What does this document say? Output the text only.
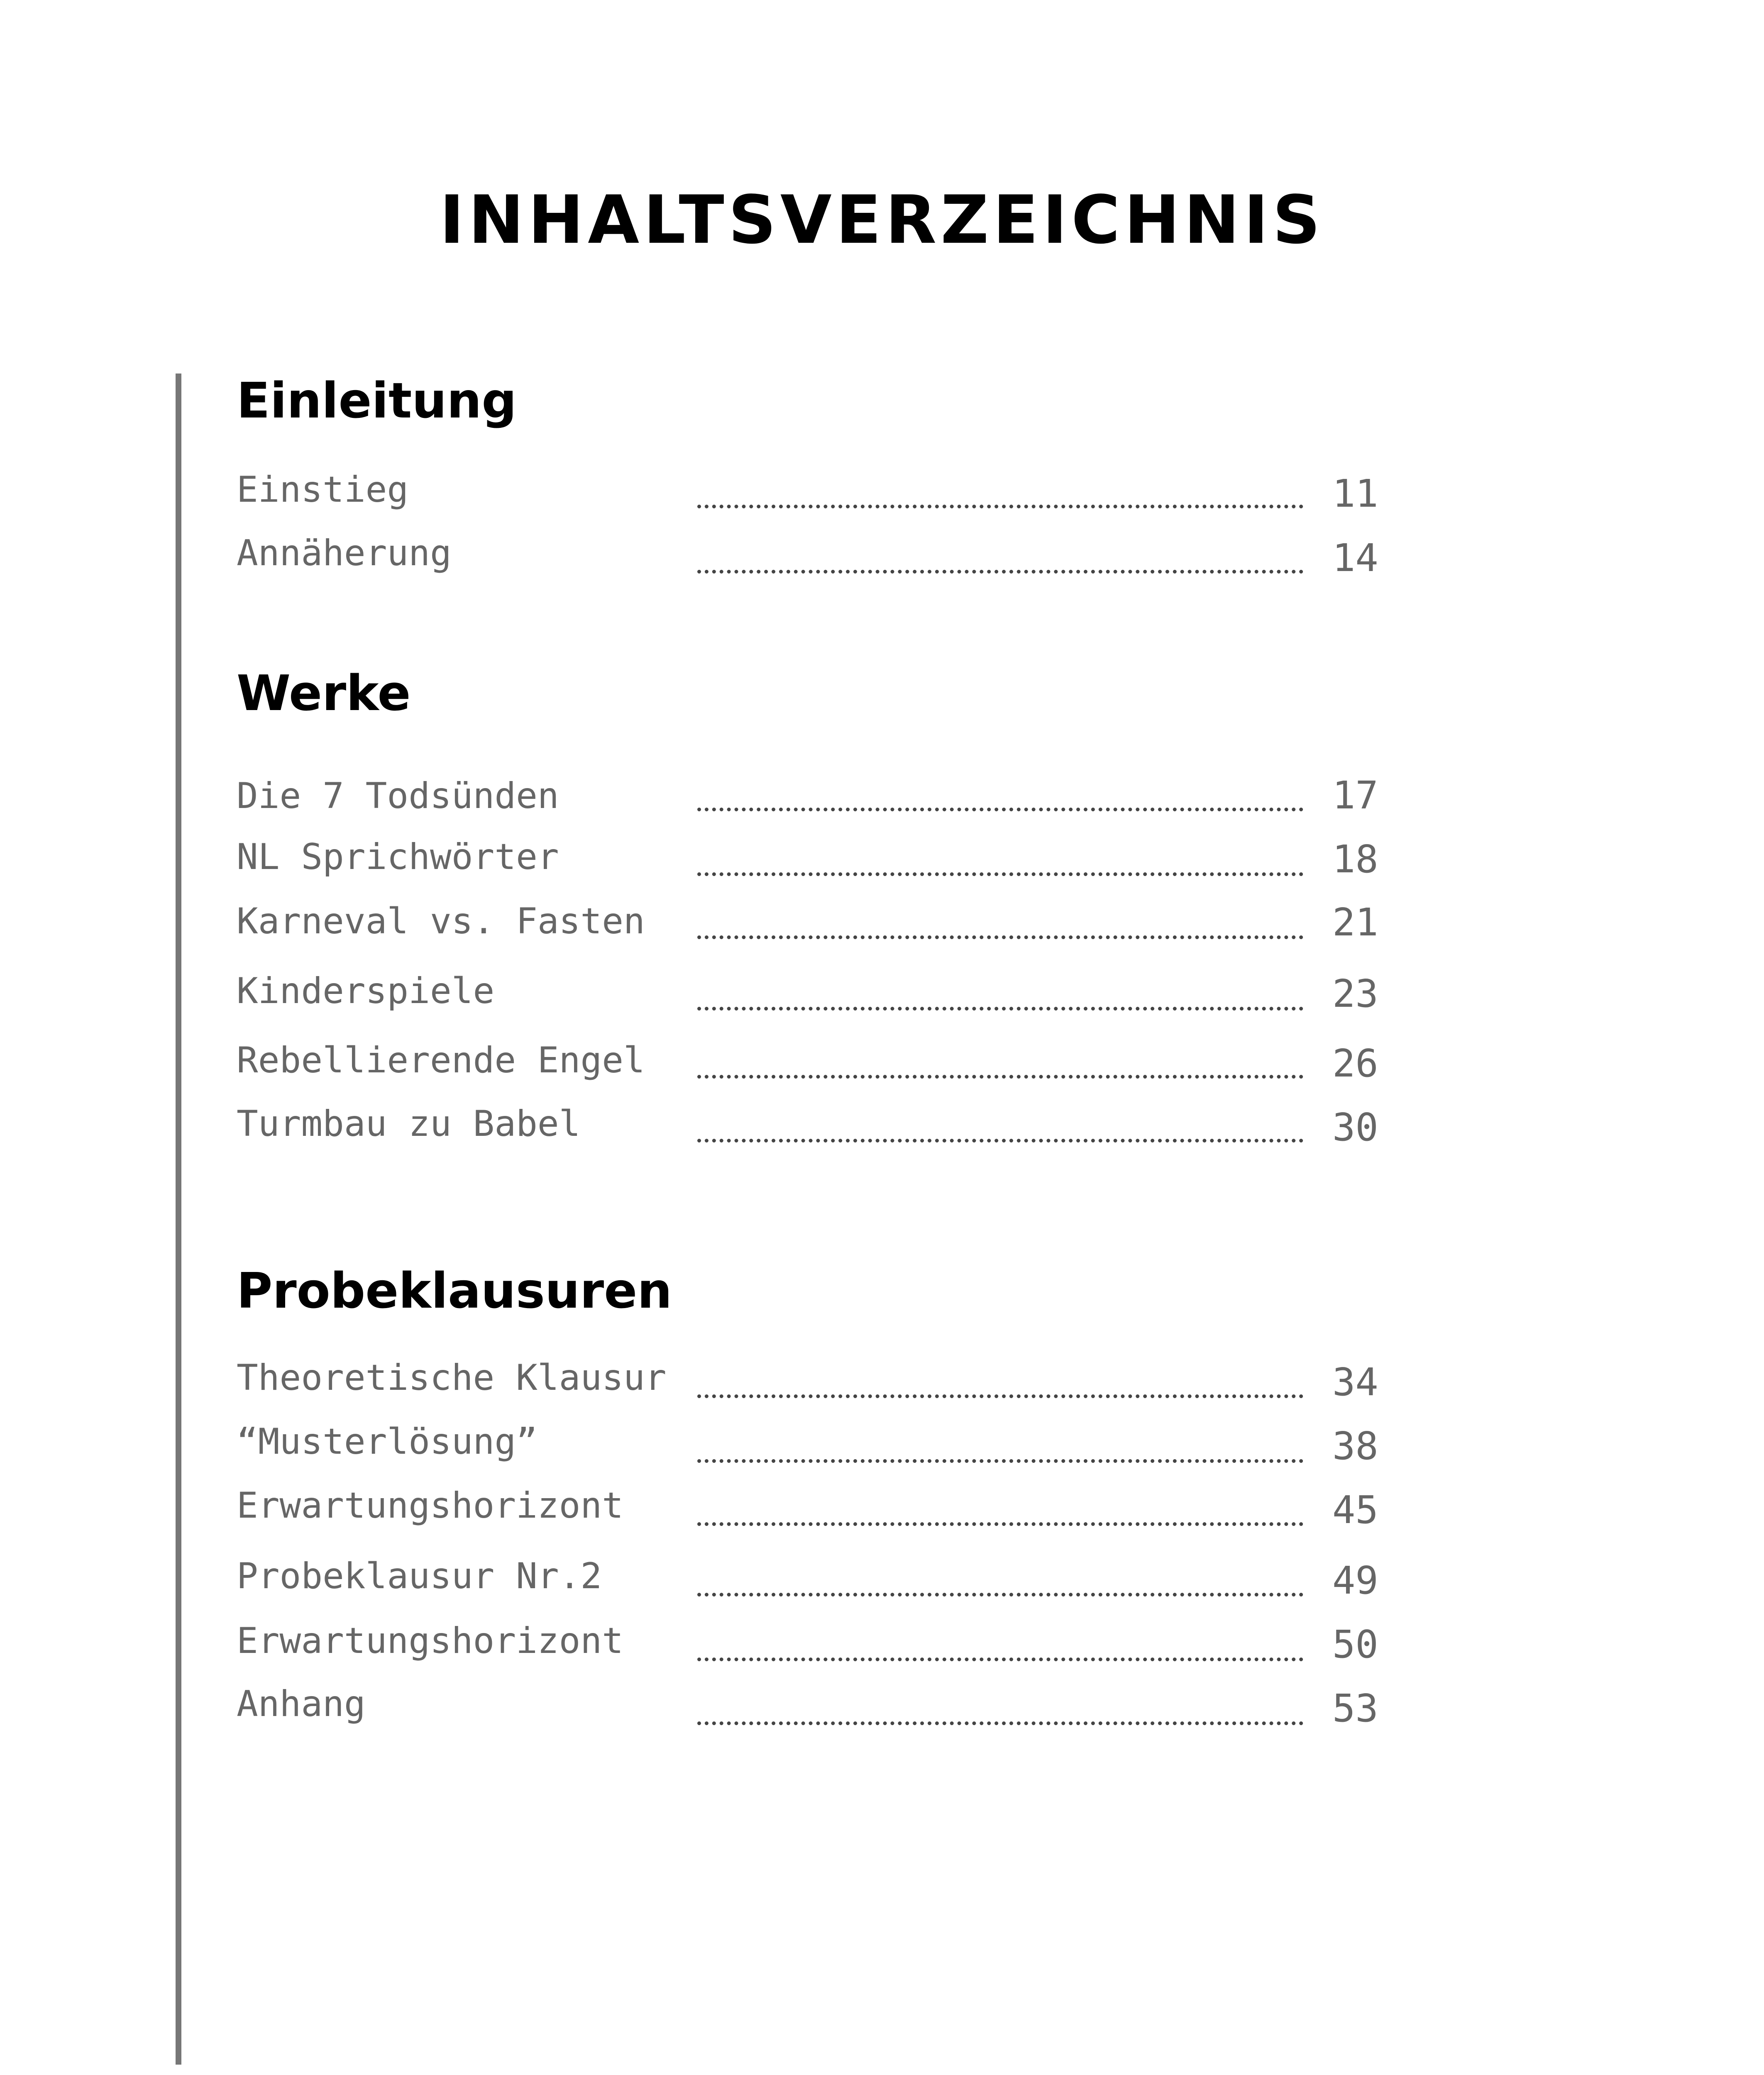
INHALTSVERZEICHNIS
Einleitung
Einstieg	11
Annäherung	14
Werke
Die 7 Todsünden	17
NL Sprichwörter	18
Karneval vs. Fasten	21
Kinderspiele	23
Rebellierende Engel	26
Turmbau zu Babel	30
Probeklausuren
Theoretische Klausur	34
“Musterlösung”	38
Erwartungshorizont	45
Probeklausur Nr.2	49
Erwartungshorizont	50
Anhang	53
